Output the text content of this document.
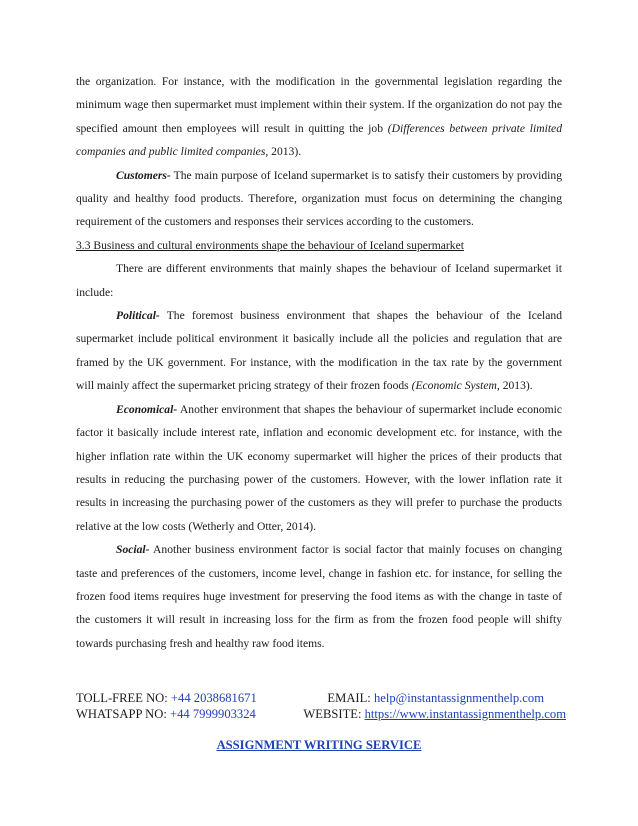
the organization. For instance, with the modification in the governmental legislation regarding the minimum wage then supermarket must implement within their system. If the organization do not pay the specified amount then employees will result in quitting the job (Differences between private limited companies and public limited companies, 2013).

Customers- The main purpose of Iceland supermarket is to satisfy their customers by providing quality and healthy food products. Therefore, organization must focus on determining the changing requirement of the customers and responses their services according to the customers.

3.3 Business and cultural environments shape the behaviour of Iceland supermarket

There are different environments that mainly shapes the behaviour of Iceland supermarket it include:

Political- The foremost business environment that shapes the behaviour of the Iceland supermarket include political environment it basically include all the policies and regulation that are framed by the UK government. For instance, with the modification in the tax rate by the government will mainly affect the supermarket pricing strategy of their frozen foods (Economic System, 2013).

Economical- Another environment that shapes the behaviour of supermarket include economic factor it basically include interest rate, inflation and economic development etc. for instance, with the higher inflation rate within the UK economy supermarket will higher the prices of their products that results in reducing the purchasing power of the customers. However, with the lower inflation rate it results in increasing the purchasing power of the customers as they will prefer to purchase the products relative at the low costs (Wetherly and Otter, 2014).

Social- Another business environment factor is social factor that mainly focuses on changing taste and preferences of the customers, income level, change in fashion etc. for instance, for selling the frozen food items requires huge investment for preserving the food items as with the change in taste of the customers it will result in increasing loss for the firm as from the frozen food people will shifty towards purchasing fresh and healthy raw food items.

TOLL-FREE NO: +44 2038681671	EMAIL: help@instantassignmenthelp.com
WHATSAPP NO: +44 7999903324	WEBSITE: https://www.instantassignmenthelp.com
ASSIGNMENT WRITING SERVICE
